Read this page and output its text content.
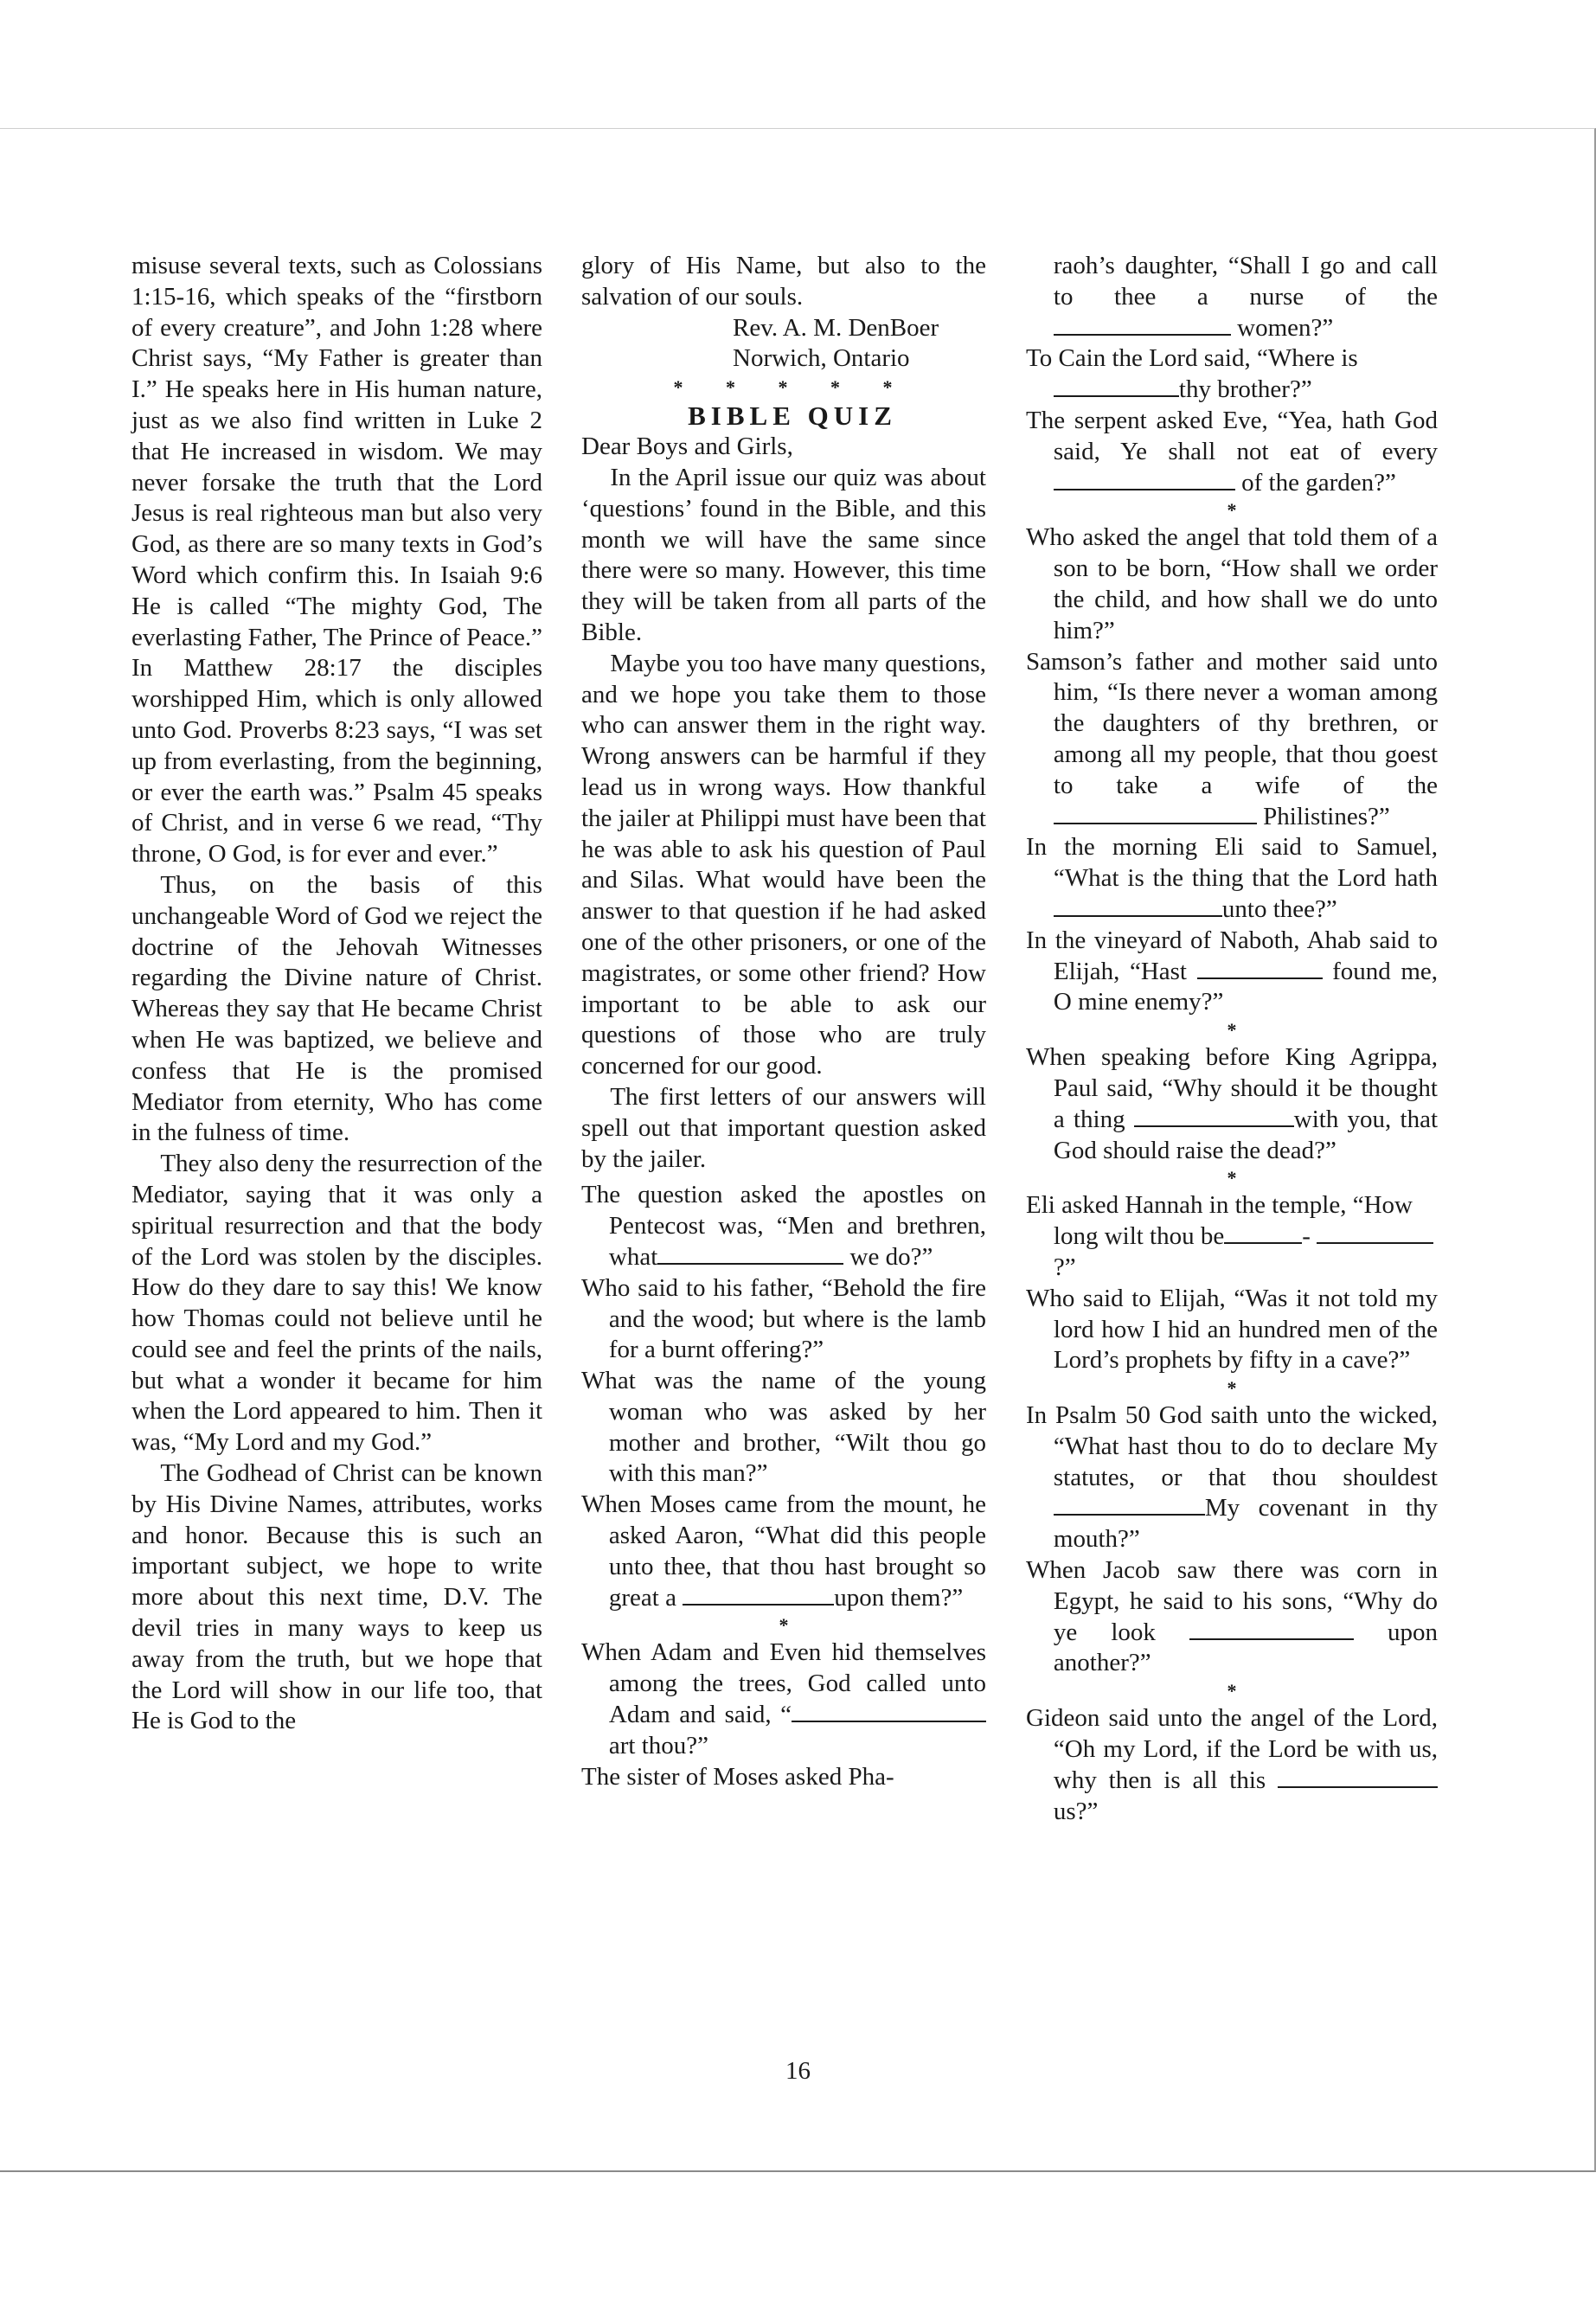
misuse several texts, such as Colossians 1:15-16, which speaks of the “firstborn of every creature”, and John 1:28 where Christ says, “My Father is greater than I.” He speaks here in His human nature, just as we also find written in Luke 2 that He increased in wisdom. We may never forsake the truth that the Lord Jesus is real righteous man but also very God, as there are so many texts in God’s Word which confirm this. In Isaiah 9:6 He is called “The mighty God, The everlasting Father, The Prince of Peace.” In Matthew 28:17 the disciples worshipped Him, which is only allowed unto God. Proverbs 8:23 says, “I was set up from everlasting, from the beginning, or ever the earth was.” Psalm 45 speaks of Christ, and in verse 6 we read, “Thy throne, O God, is for ever and ever.”

Thus, on the basis of this unchangeable Word of God we reject the doctrine of the Jehovah Witnesses regarding the Divine nature of Christ. Whereas they say that He became Christ when He was baptized, we believe and confess that He is the promised Mediator from eternity, Who has come in the fulness of time.

They also deny the resurrection of the Mediator, saying that it was only a spiritual resurrection and that the body of the Lord was stolen by the disciples. How do they dare to say this! We know how Thomas could not believe until he could see and feel the prints of the nails, but what a wonder it became for him when the Lord appeared to him. Then it was, “My Lord and my God.”

The Godhead of Christ can be known by His Divine Names, attributes, works and honor. Because this is such an important subject, we hope to write more about this next time, D.V. The devil tries in many ways to keep us away from the truth, but we hope that the Lord will show in our life too, that He is God to the

glory of His Name, but also to the salvation of our souls.

Rev. A. M. DenBoer

Norwich, Ontario

* * * * *

BIBLE QUIZ

Dear Boys and Girls,

In the April issue our quiz was about ‘questions’ found in the Bible, and this month we will have the same since there were so many. However, this time they will be taken from all parts of the Bible.

Maybe you too have many questions, and we hope you take them to those who can answer them in the right way. Wrong answers can be harmful if they lead us in wrong ways. How thankful the jailer at Philippi must have been that he was able to ask his question of Paul and Silas. What would have been the answer to that question if he had asked one of the other prisoners, or one of the magistrates, or some other friend? How important to be able to ask our questions of those who are truly concerned for our good.

The first letters of our answers will spell out that important question asked by the jailer.

The question asked the apostles on Pentecost was, “Men and brethren, what	we do?”

Who said to his father, “Behold the fire and the wood; but where is the lamb for a burnt offering?”

What was the name of the young woman who was asked by her mother and brother, “Wilt thou go with this man?”

When Moses came from the mount, he asked Aaron, “What did this people unto thee, that thou hast brought so great a	upon them?”

*

When Adam and Even hid themselves among the trees, God called unto Adam and said, “art thou?”

The sister of Moses asked Pha-

raoh’s daughter, “Shall I go and call to thee a nurse of the  women?”

To Cain the Lord said, “Where is
thy brother?”

The serpent asked Eve, “Yea, hath God said, Ye shall not eat of every of the garden?”

*

Who asked the angel that told them of a son to be born, “How shall we order the child, and how shall we do unto him?”

Samson’s father and mother said unto him, “Is there never a woman among the daughters of thy brethren, or among all my people, that thou goest to take a wife of the Philistines?”

In the morning Eli said to Samuel, “What is the thing that the Lord hathunto thee?”

In the vineyard of Naboth, Ahab said to Elijah, “Hast	found me, O mine enemy?”

*

When speaking before King Agrippa, Paul said, “Why should it be thought a thing	with you, that God should raise the dead?”

*

Eli asked Hannah in the temple, “How long wilt thou be	- ?”

Who said to Elijah, “Was it not told my lord how I hid an hundred men of the Lord’s prophets by fifty in a cave?”

*

In Psalm 50 God saith unto the wicked, “What hast thou to do to declare My statutes, or that thou shouldestMy covenant in thy mouth?”

When Jacob saw there was corn in Egypt, he said to his sons, “Why do ye look	upon another?”

*

Gideon said unto the angel of the Lord, “Oh my Lord, if the Lord be with us, why then is all this us?”

16
